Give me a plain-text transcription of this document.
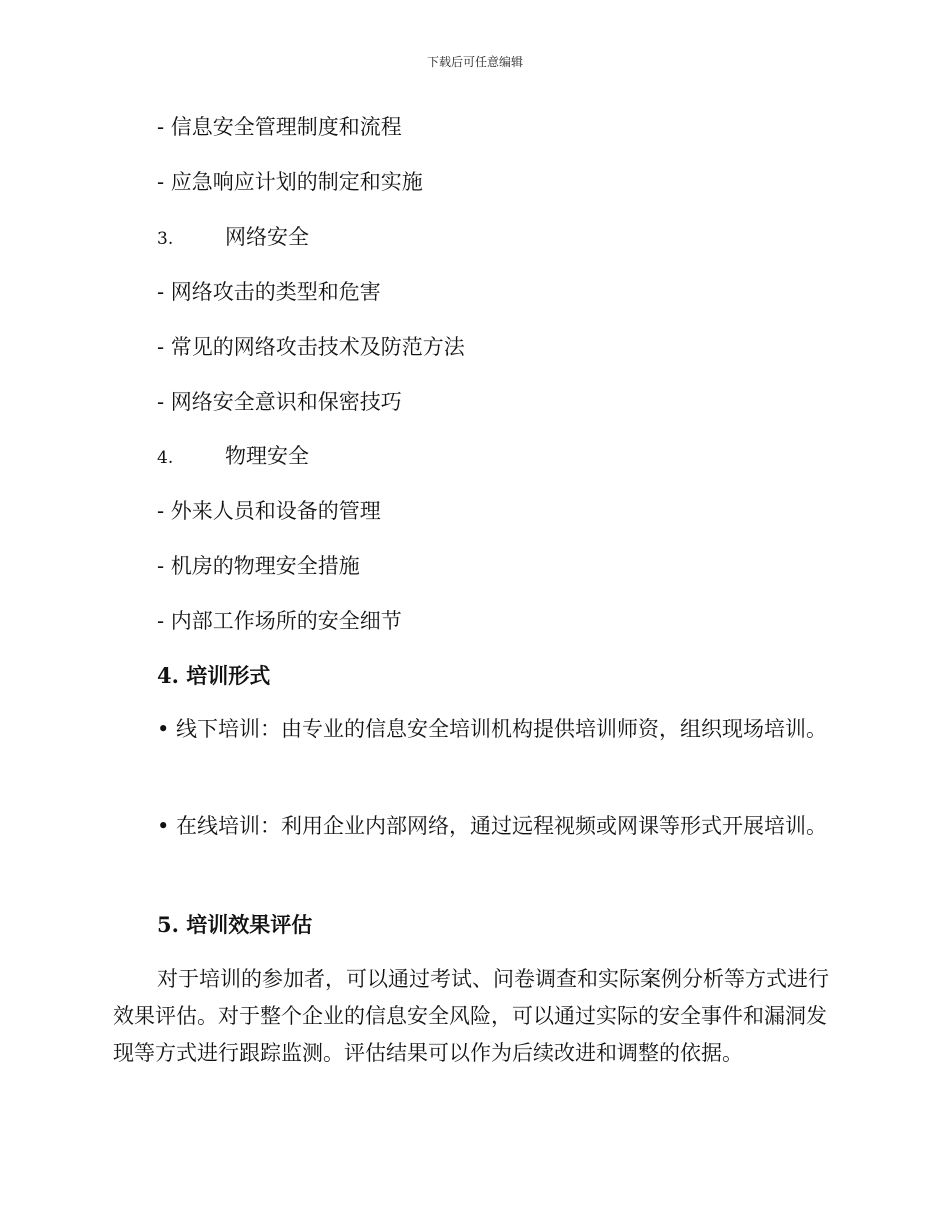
下载后可任意编辑
- 信息安全管理制度和流程
- 应急响应计划的制定和实施
3. 网络安全
- 网络攻击的类型和危害
- 常见的网络攻击技术及防范方法
- 网络安全意识和保密技巧
4. 物理安全
- 外来人员和设备的管理
- 机房的物理安全措施
- 内部工作场所的安全细节
4. 培训形式
• 线下培训：由专业的信息安全培训机构提供培训师资，组织现场培训。
• 在线培训：利用企业内部网络，通过远程视频或网课等形式开展培训。
5. 培训效果评估
对于培训的参加者，可以通过考试、问卷调查和实际案例分析等方式进行效果评估。对于整个企业的信息安全风险，可以通过实际的安全事件和漏洞发现等方式进行跟踪监测。评估结果可以作为后续改进和调整的依据。
